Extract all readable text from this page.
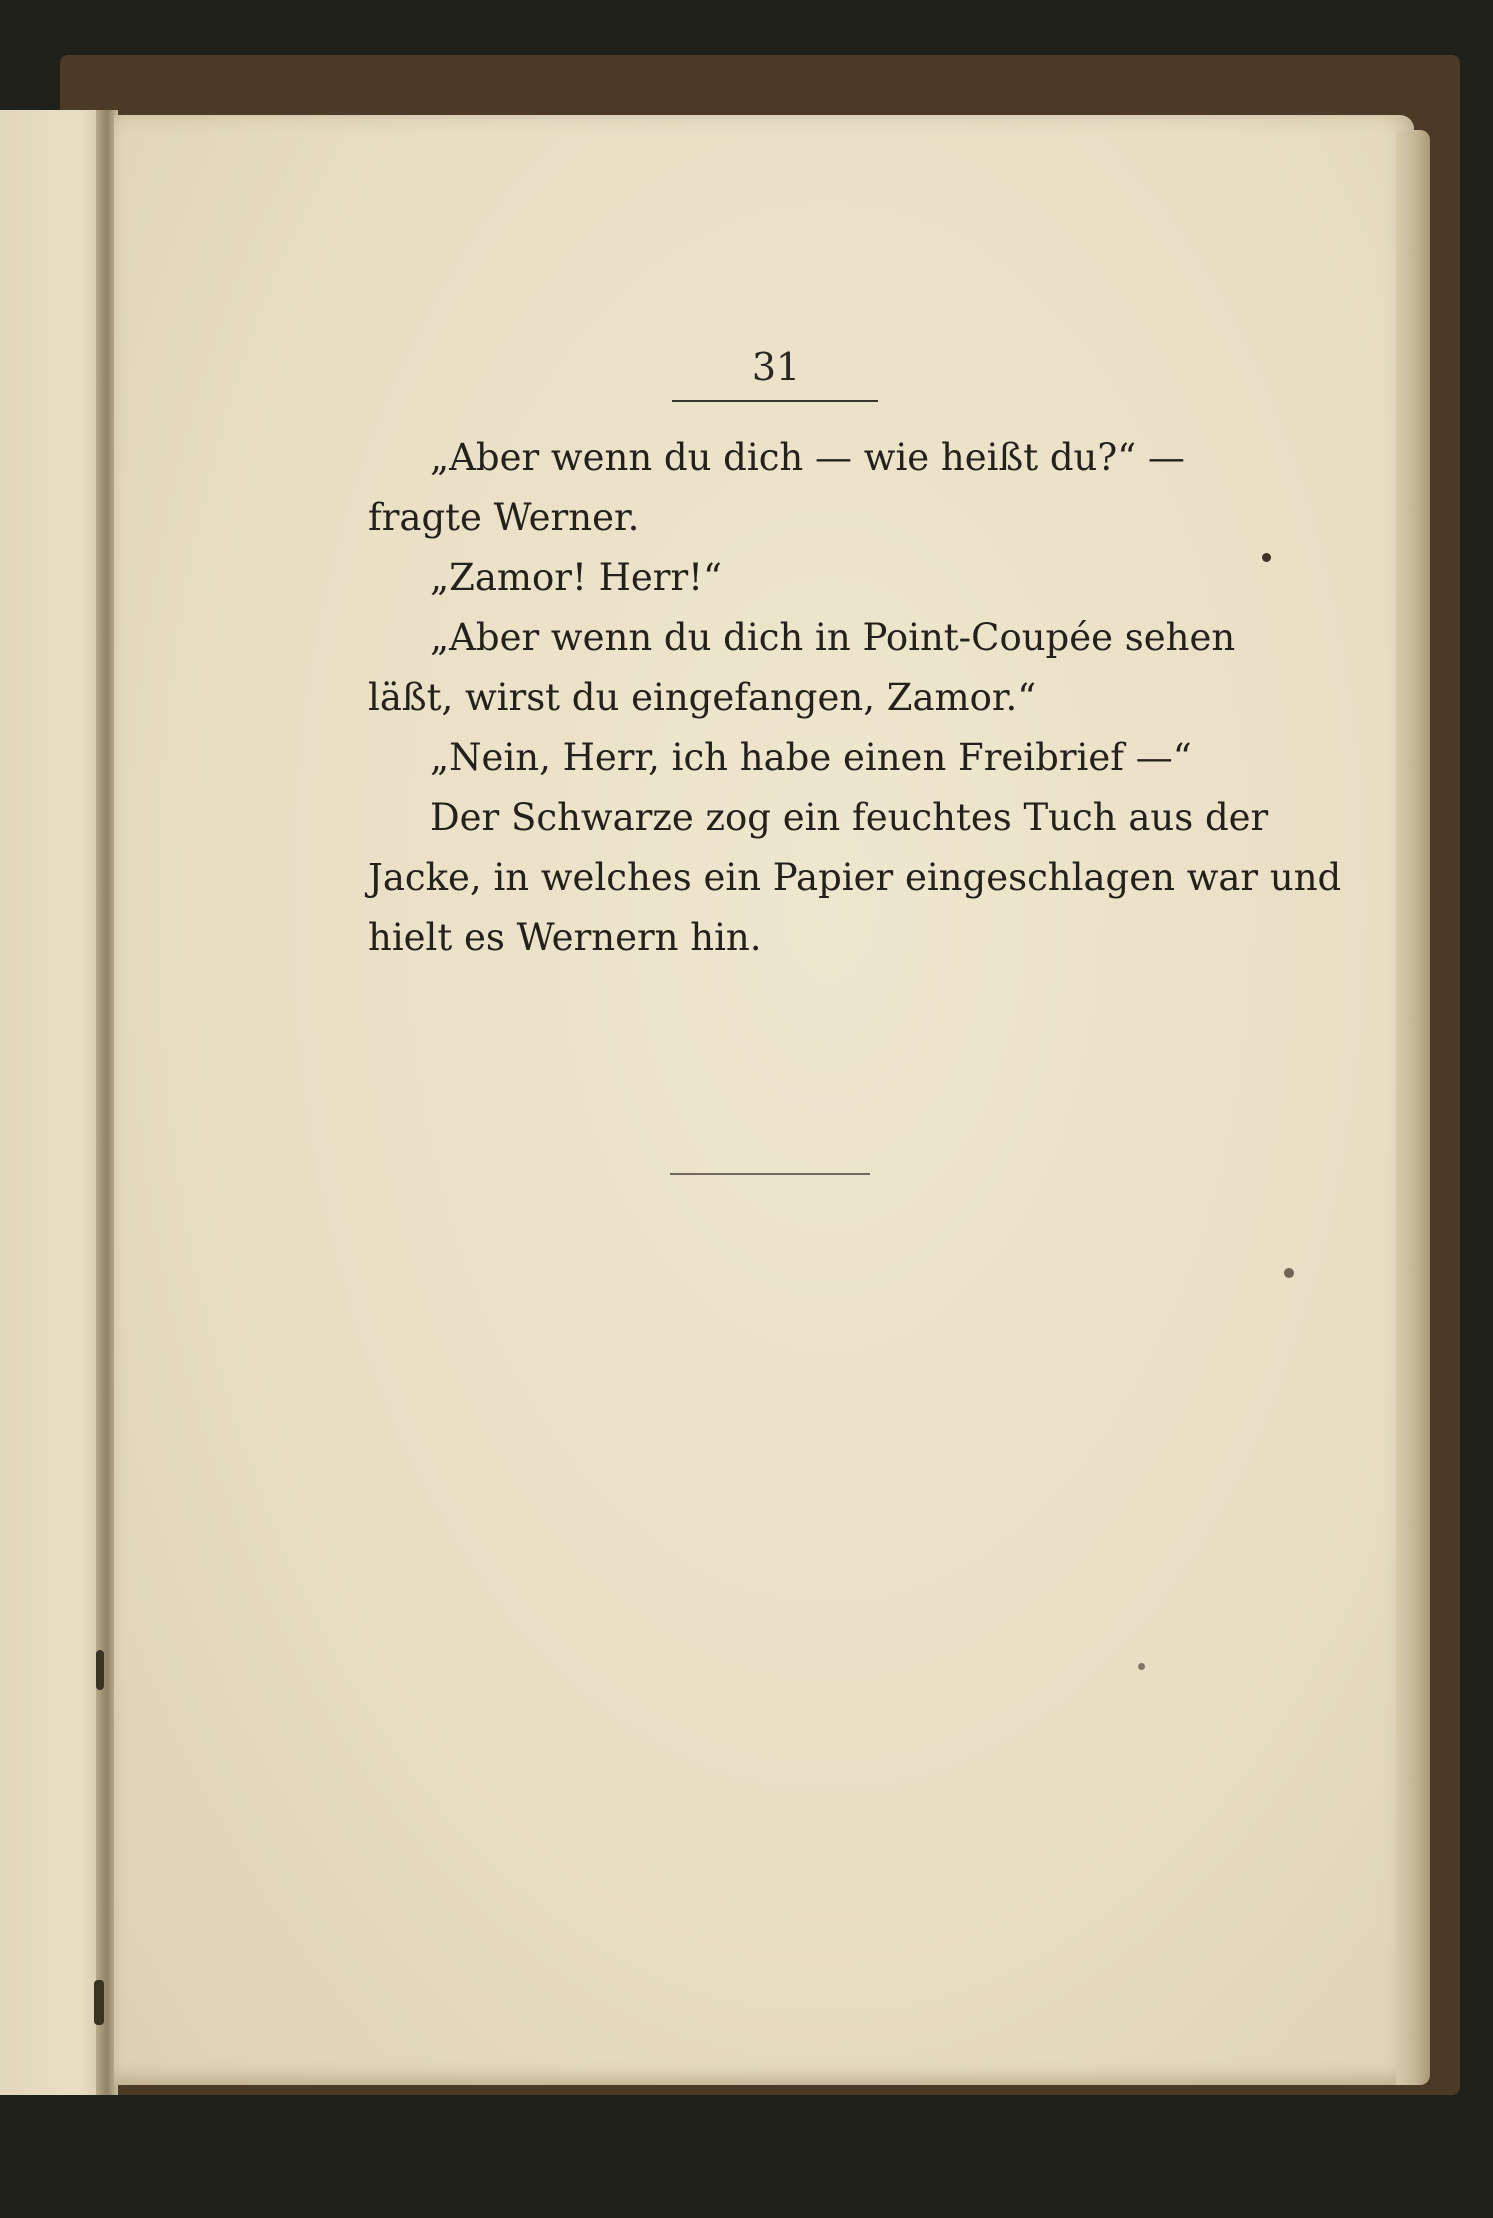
31
„Aber wenn du dich — wie heißt du?“ —
fragte Werner.
„Zamor! Herr!“
„Aber wenn du dich in Point-Coupée sehen
läßt, wirst du eingefangen, Zamor.“
„Nein, Herr, ich habe einen Freibrief —“
Der Schwarze zog ein feuchtes Tuch aus der
Jacke, in welches ein Papier eingeschlagen war und
hielt es Wernern hin.
